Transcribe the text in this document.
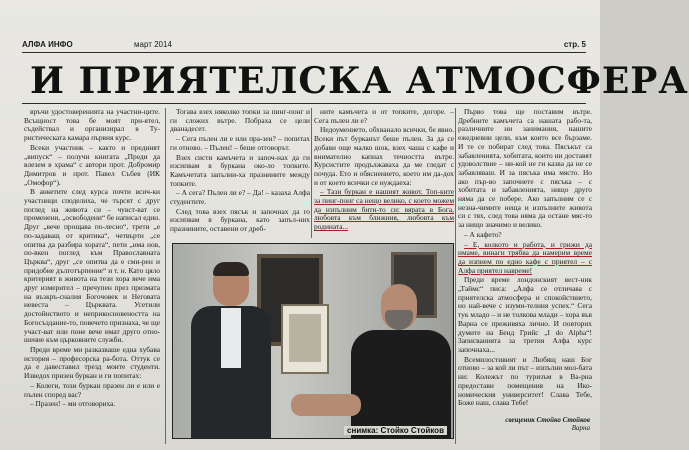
АЛФА ИНФО	март 2014	стр. 5
И ПРИЯТЕЛСКА АТМОСФЕРА

връчи удостоверенията на участни-цитe. Всъщност това бе моят при-ятел, съдействал и организирал в Ту-ристическата камара първия курс.

Всеки участник – както и предният „випуск“ – получи книгата „Преди да влезем в храма“ с автори прот. Доброми́р Димитров и прот. Павел Събев (ИК „Омофор“).

В анкетите след курса почти всич-ки участници споделиха, че търсят с друг поглед на живота си – чувст-ват се променени, „освободени“ бе написал един. Друг „вече прощава по-лесно“, трети „е по-задаващ от критика“, четвърти „се опитва да разбира хората“, пети „има нов, по-вкен поглед към Православната Църква“, друг „се опитва да е сми-рен и придобие дълготърпение“ и т. н. Като цяло критерият в живота на тези хора вече има друг измерител – пречупен през призмата на възкръ-сналия Богочовек и Неговата невеста – Църквата. Усетили достойнството и неприкосновеността на Богосъздание-то, повечето признаха, че ще участ-ват или поне вече имат друго отно-шение към църковните служби.

Преди време ми разказваше една хубава история – професорска ра-бота. Оттук се да е давеставил трезд моите студенти. Изведох призен буркан и ги попитах:

– Колеги, този буркан празен ли е или е пълен според вас?

– Празен! – ми отговориха.

Тогава взех няколко топки за пинг-понг и ги сложих вътре. Побраха се цели дванадесет.

– Сега пълен ли е или пра-зен? – попитах ги отново. – Пълен! – беше отговорът.

Взех систи камъчета и започ-нах да ги изсипвам в буркана око-ло топките. Камъчетата запълни-ха празнините между топките.

– А сега? Пълен ли е? – Да! – казаха Алфа студентите.

След това взех пясък и започнах да го изсипвам в буркана, като запъл-них празнините, оставени от дреб-

ните камъчета и от топките, догоре. – Сега пълен ли е?

Недоумението, обхванало всички, бе явно. Всеки път бурканът беше пълен. За да се добави още малко шок, взех чаша с кафе и внимателно капнах течността вътре. Курсистите продължаваха да ме гледат с почуда. Ето и обяснението, което им да-дох и от което всички се нуждаеха:

– Тази буркан е нашият живот. Топ-ките за пинг-понг са нещо велико, с което можем да изпълним бити-то си: вярата в Бога, любовта към ближния, любовта към родината...

Първо това ще поставим вътре. Дребните камъчета са нашата рабо-та, различните ни занимания, нашите ежедневни цели, към които все бързаме. И те се побират след това. Пясъкът са забавленията, хобитата, които ни доставят удоволствие – ни-кой не ги казва да не се забавляваш. И за пясъка има място. Но ако пър-во започнете с пясъка – с хобитата и забавленията, нищо друго няма да се побере. Ако запълним се с незна-чимите неща и изпълните живота си с тях, след това няма да остане мяс-то за нищо значимо и велико.

– А кафето?

– Е, колкото и работа, и грижи да имаме, винаги трябва да намерим време да изпием по едно кафе с приятел – с Алфа приятел навремe!

Преди време лондонският вест-ник „Таймс“ писа: „Алфа се отличава с приятелска атмосфера и спокойствието, но най-вече с изуми-телния успех.“ Сега тук младо – и не толкова млади – хора във Варна се преживяха лично. И повторих думите на Бенд Грийс „I do Alpha“! Записванията за третия Алфа курс започнаха...

Всемилостивият и Любящ наш Бог отново – за кой ли път – изпълни мол-бата ни: Колежът по туризъм в Ва-рна предостави помещения на Ико-номическия университет! Слава Тебе, Боже наш, слава Тебе!

снимка: Стойко Стойков
свещеник Стойко Стойков
Варна
